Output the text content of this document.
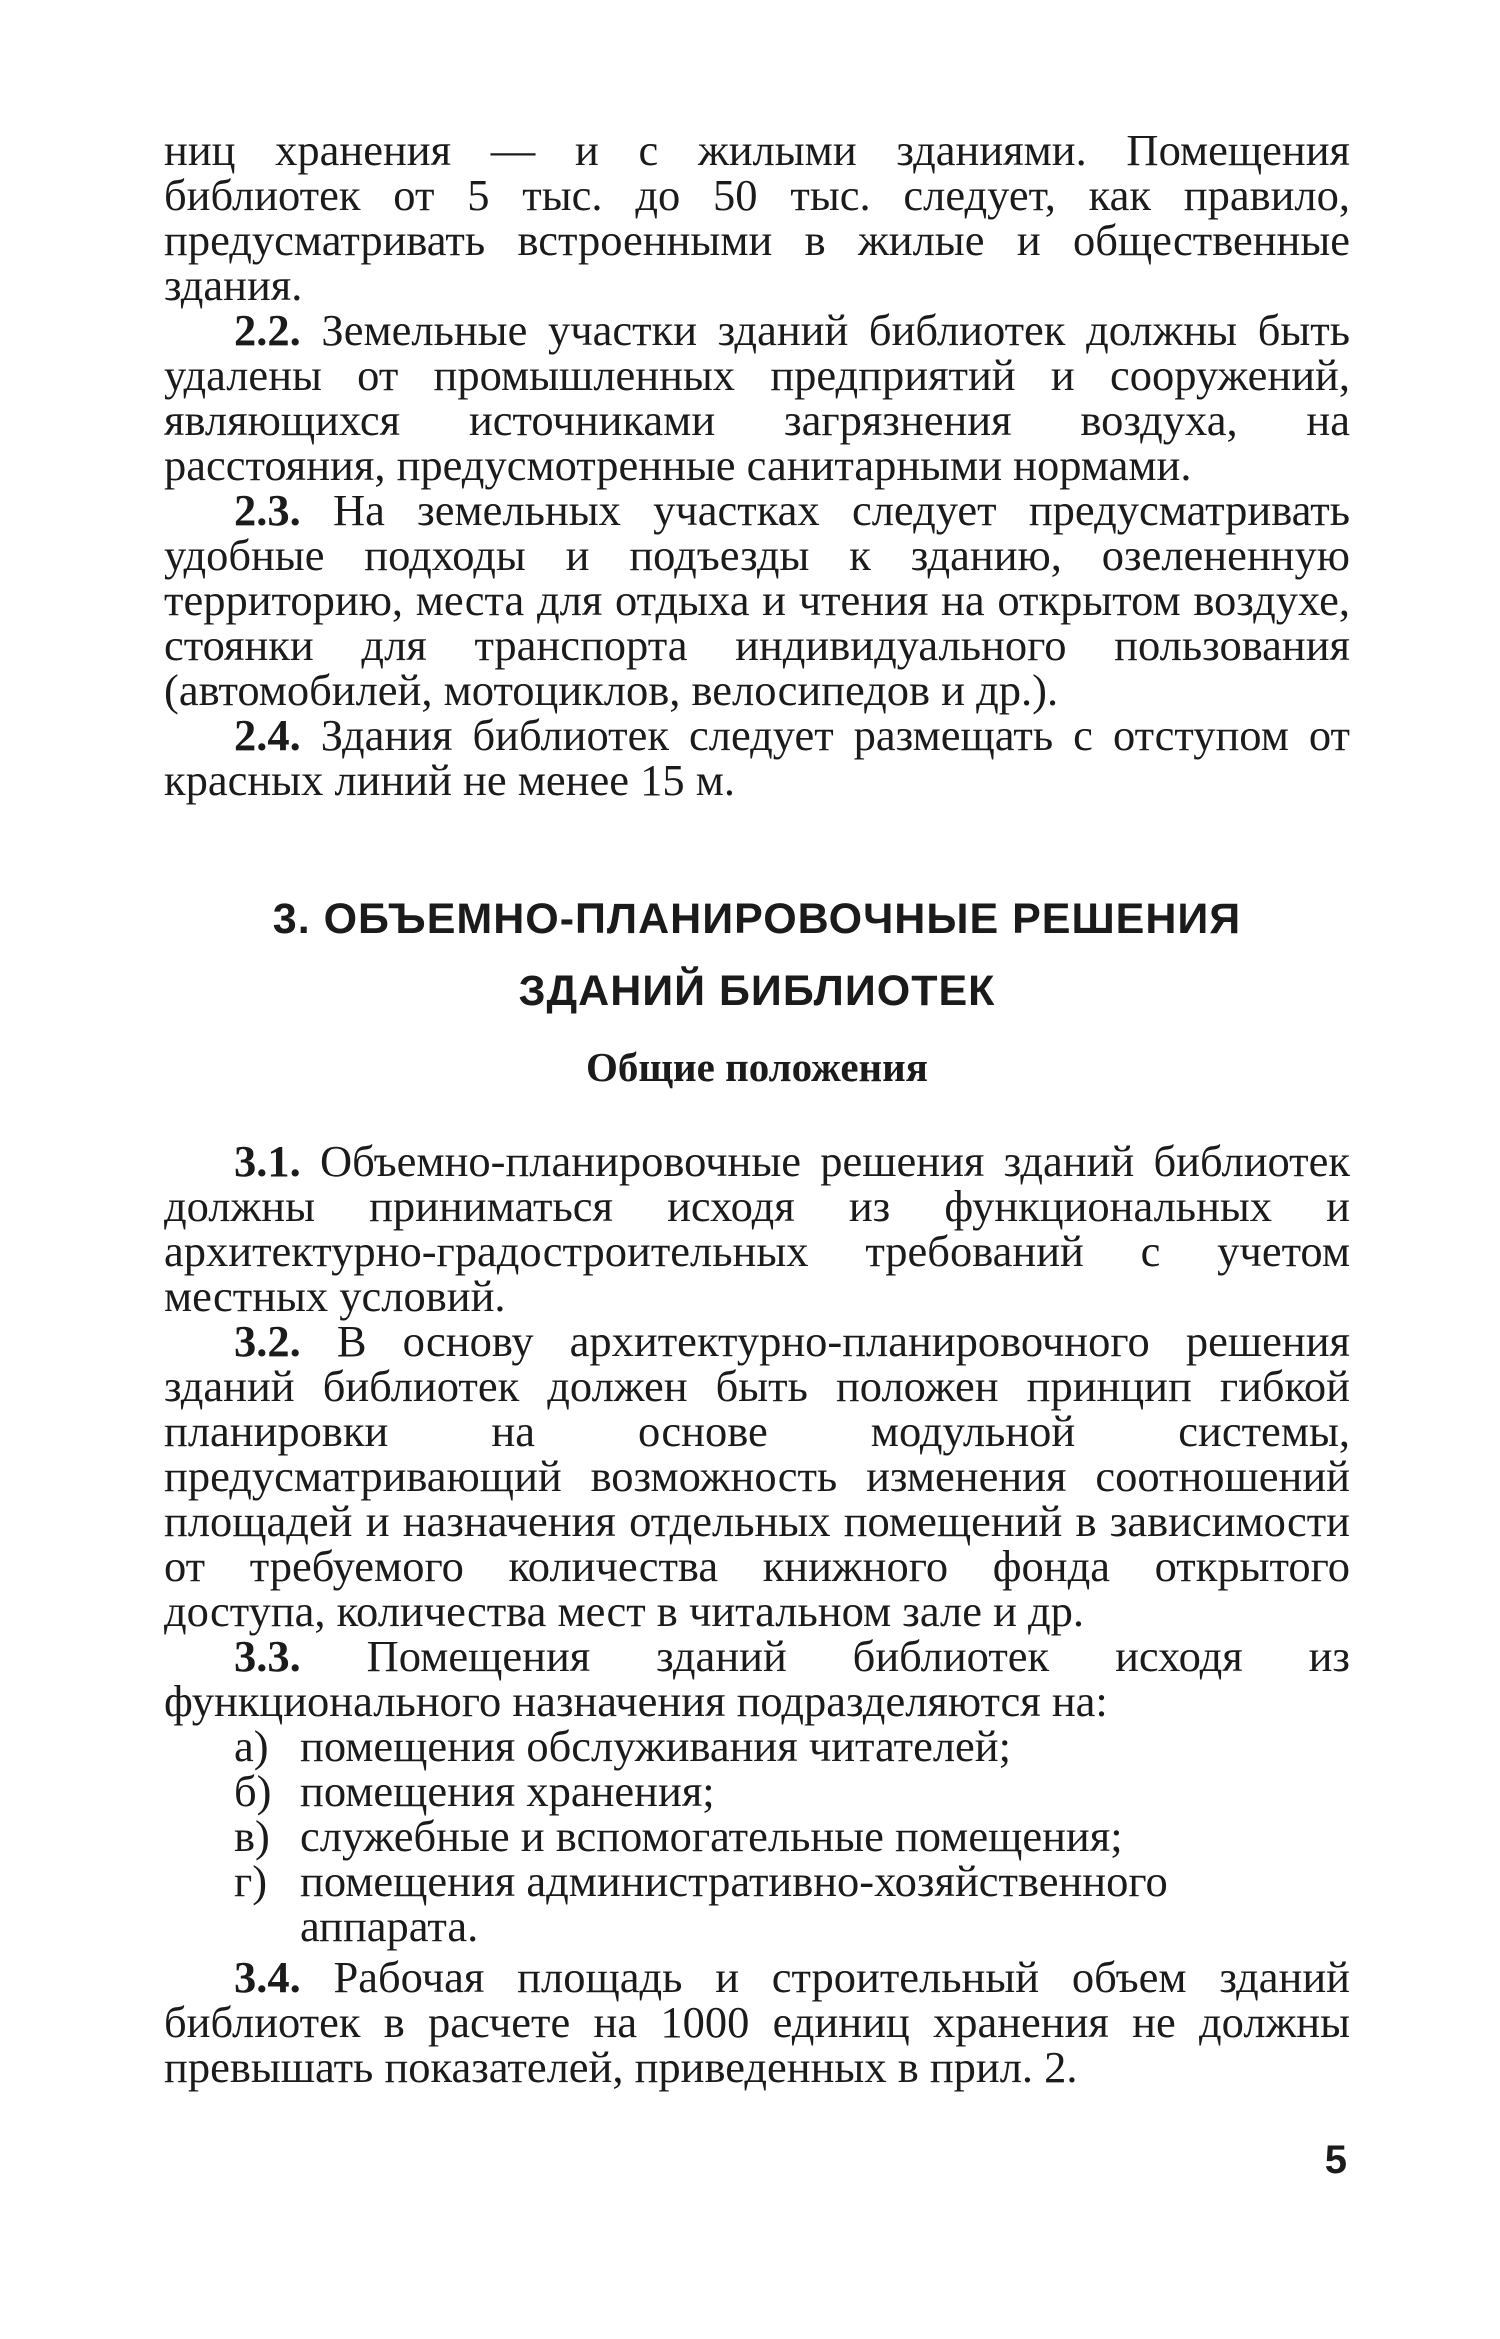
ниц хранения — и с жилыми зданиями. Помещения библиотек от 5 тыс. до 50 тыс. следует, как правило, предусматривать встроенными в жилые и общественные здания.

2.2. Земельные участки зданий библиотек должны быть удалены от промышленных предприятий и сооружений, являющихся источниками загрязнения воздуха, на расстояния, предусмотренные санитарными нормами.

2.3. На земельных участках следует предусматривать удобные подходы и подъезды к зданию, озелененную территорию, места для отдыха и чтения на открытом воздухе, стоянки для транспорта индивидуального пользования (автомобилей, мотоциклов, велосипедов и др.).

2.4. Здания библиотек следует размещать с отступом от красных линий не менее 15 м.

3. ОБЪЕМНО-ПЛАНИРОВОЧНЫЕ РЕШЕНИЯ
ЗДАНИЙ БИБЛИОТЕК
Общие положения

3.1. Объемно-планировочные решения зданий библиотек должны приниматься исходя из функциональных и архитектурно-градостроительных требований с учетом местных условий.

3.2. В основу архитектурно-планировочного решения зданий библиотек должен быть положен принцип гибкой планировки на основе модульной системы, предусматривающий возможность изменения соотношений площадей и назначения отдельных помещений в зависимости от требуемого количества книжного фонда открытого доступа, количества мест в читальном зале и др.

3.3. Помещения зданий библиотек исходя из функционального назначения подразделяются на:

а) помещения обслуживания читателей;
б) помещения хранения;
в) служебные и вспомогательные помещения;
г) помещения административно-хозяйственного аппарата.

3.4. Рабочая площадь и строительный объем зданий библиотек в расчете на 1000 единиц хранения не должны превышать показателей, приведенных в прил. 2.

5
